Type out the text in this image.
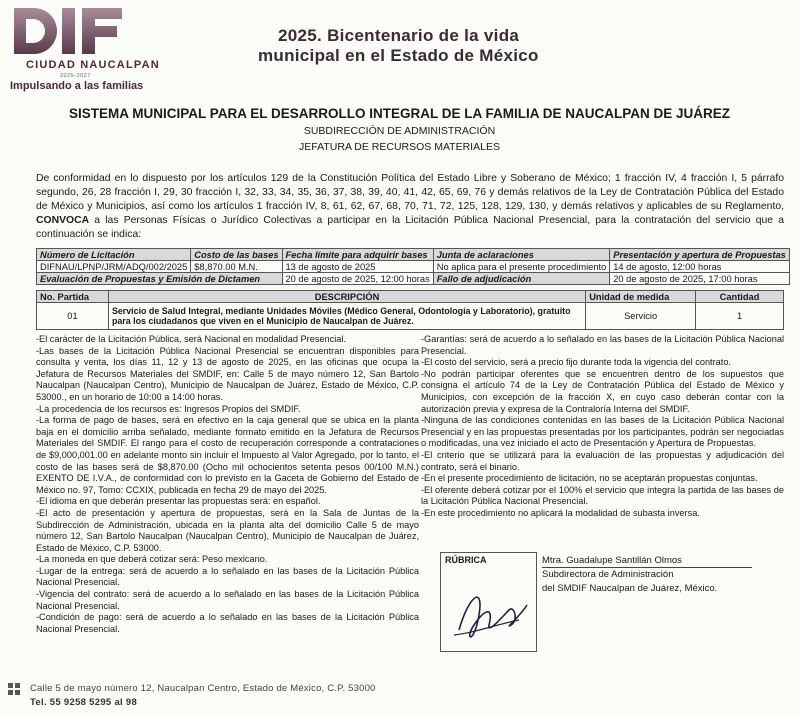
CIUDAD NAUCALPAN
2025-2027
Impulsando a las familias
2025. Bicentenario de la vida
municipal en el Estado de México
SISTEMA MUNICIPAL PARA EL DESARROLLO INTEGRAL DE LA FAMILIA DE NAUCALPAN DE JUÁREZ
SUBDIRECCIÓN DE ADMINISTRACIÓN
JEFATURA DE RECURSOS MATERIALES
De conformidad en lo dispuesto por los artículos 129 de la Constitución Política del Estado Libre y Soberano de México; 1 fracción IV, 4 fracción I, 5 párrafo segundo, 26, 28 fracción I, 29, 30 fracción I, 32, 33, 34, 35, 36, 37, 38, 39, 40, 41, 42, 65, 69, 76 y demás relativos de la Ley de Contratación Pública del Estado de México y Municipios, así como los artículos 1 fracción IV, 8, 61, 62, 67, 68, 70, 71, 72, 125, 128, 129, 130, y demás relativos y aplicables de su Reglamento, CONVOCA a las Personas Físicas o Jurídico Colectivas a participar en la Licitación Pública Nacional Presencial, para la contratación del servicio que a continuación se indica:
Número de Licitación	Costo de las bases	Fecha límite para adquirir bases	Junta de aclaraciones	Presentación y apertura de Propuestas
DIFNAU/LPNP/JRM/ADQ/002/2025	$8,870.00 M.N.	13 de agosto de 2025	No aplica para el presente procedimiento	14 de agosto, 12:00 horas
Evaluación de Propuestas y Emisión de Dictamen		20 de agosto de 2025, 12:00 horas	Fallo de adjudicación	20 de agosto de 2025, 17:00 horas
No. Partida	DESCRIPCIÓN	Unidad de medida	Cantidad
01	Servicio de Salud Integral, mediante Unidades Móviles (Médico General, Odontología y Laboratorio), gratuito para los ciudadanos que viven en el Municipio de Naucalpan de Juárez.	Servicio	1

-El carácter de la Licitación Pública, será Nacional en modalidad Presencial.

-Las bases de la Licitación Pública Nacional Presencial se encuentran disponibles para consulta y venta, los días 11, 12 y 13 de agosto de 2025, en las oficinas que ocupa la Jefatura de Recursos Materiales del SMDIF, en: Calle 5 de mayo número 12, San Bartolo Naucalpan (Naucalpan Centro), Municipio de Naucalpan de Juárez, Estado de México, C.P. 53000., en un horario de 10:00 a 14:00 horas.

-La procedencia de los recursos es: Ingresos Propios del SMDIF.

-La forma de pago de bases, será en efectivo en la caja general que se ubica en la planta baja en el domicilio arriba señalado, mediante formato emitido en la Jefatura de Recursos Materiales del SMDIF. El rango para el costo de recuperación corresponde a contrataciones de $9,000,001.00 en adelante monto sin incluir el Impuesto al Valor Agregado, por lo tanto, el costo de las bases será de $8,870.00 (Ocho mil ochocientos setenta pesos 00/100 M.N.) EXENTO DE I.V.A., de conformidad con lo previsto en la Gaceta de Gobierno del Estado de México no. 97, Tomo: CCXIX, publicada en fecha 29 de mayo del 2025.

-El idioma en que deberán presentar las propuestas será: en español.

-El acto de presentación y apertura de propuestas, será en la Sala de Juntas de la Subdirección de Administración, ubicada en la planta alta del domicilio Calle 5 de mayo número 12, San Bartolo Naucalpan (Naucalpan Centro), Municipio de Naucalpan de Juárez, Estado de México, C.P. 53000.

-La moneda en que deberá cotizar será: Peso mexicano.

-Lugar de la entrega: será de acuerdo a lo señalado en las bases de la Licitación Pública Nacional Presencial.

-Vigencia del contrato: será de acuerdo a lo señalado en las bases de la Licitación Pública Nacional Presencial.

-Condición de pago: será de acuerdo a lo señalado en las bases de la Licitación Pública Nacional Presencial.

-Garantías: será de acuerdo a lo señalado en las bases de la Licitación Pública Nacional Presencial.

-El costo del servicio, será a precio fijo durante toda la vigencia del contrato.

-No podrán participar oferentes que se encuentren dentro de los supuestos que consigna el artículo 74 de la Ley de Contratación Pública del Estado de México y Municipios, con excepción de la fracción X, en cuyo caso deberán contar con la autorización previa y expresa de la Contraloría Interna del SMDIF.

-Ninguna de las condiciones contenidas en las bases de la Licitación Pública Nacional Presencial y en las propuestas presentadas por los participantes, podrán ser negociadas o modificadas, una vez iniciado el acto de Presentación y Apertura de Propuestas.

-El criterio que se utilizará para la evaluación de las propuestas y adjudicación del contrato, será el binario.

-En el presente procedimiento de licitación, no se aceptarán propuestas conjuntas.

-El oferente deberá cotizar por el 100% el servicio que integra la partida de las bases de la Licitación Pública Nacional Presencial.

-En este procedimiento no aplicará la modalidad de subasta inversa.

RÚBRICA	Mtra. Guadalupe Santillán Olmos
Subdirectora de Administración
del SMDIF Naucalpan de Juárez, México.
Calle 5 de mayo número 12, Naucalpan Centro, Estado de México, C.P. 53000
Tel. 55 9258 5295 al 98
